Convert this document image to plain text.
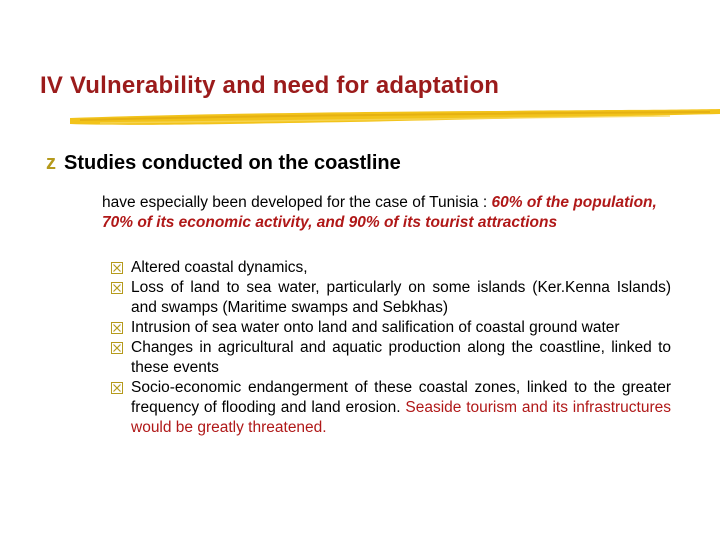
IV Vulnerability and need for adaptation
z Studies conducted on the coastline
have especially been developed for the case of Tunisia : 60% of the population, 70% of its economic activity, and 90% of its tourist attractions
Altered coastal dynamics,
Loss of land to sea water, particularly on some islands (Ker.Kenna Islands) and swamps (Maritime swamps and Sebkhas)
Intrusion of sea water onto land and salification of coastal ground water
Changes in agricultural and aquatic production along the coastline, linked to these events
Socio-economic endangerment of these coastal zones, linked to the greater frequency of flooding and land erosion. Seaside tourism and its infrastructures would be greatly threatened.
